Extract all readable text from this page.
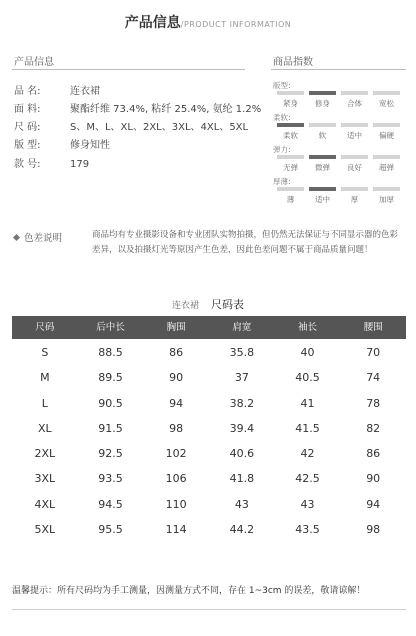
产品信息/PRODUCT INFORMATION
产品信息
品 名:	连衣裙
面 料:	聚酯纤维 73.4%, 粘纤 25.4%, 氨纶 1.2%
尺 码:	S、M、L、XL、2XL、3XL、4XL、5XL
版 型:	修身知性
款 号:	179
商品指数
版型:
紧身	修身	合体	宽松
柔软:
柔软	软	适中	偏硬
弹力:
无弹	微弹	良好	超弹
厚薄:
薄	适中	厚	加厚
色差说明	商品均有专业摄影设备和专业团队实物拍摄，但仍然无法保证与不同显示器的色彩差异，以及拍摄灯光等原因产生色差，因此色差问题不属于商品质量问题！
连衣裙 尺码表
尺码	后中长	胸围	肩宽	袖长	腰围
S	88.5	86	35.8	40	70
M	89.5	90	37	40.5	74
L	90.5	94	38.2	41	78
XL	91.5	98	39.4	41.5	82
2XL	92.5	102	40.6	42	86
3XL	93.5	106	41.8	42.5	90
4XL	94.5	110	43	43	94
5XL	95.5	114	44.2	43.5	98
温馨提示：所有尺码均为手工测量，因测量方式不同，存在 1~3cm 的误差，敬请谅解！
